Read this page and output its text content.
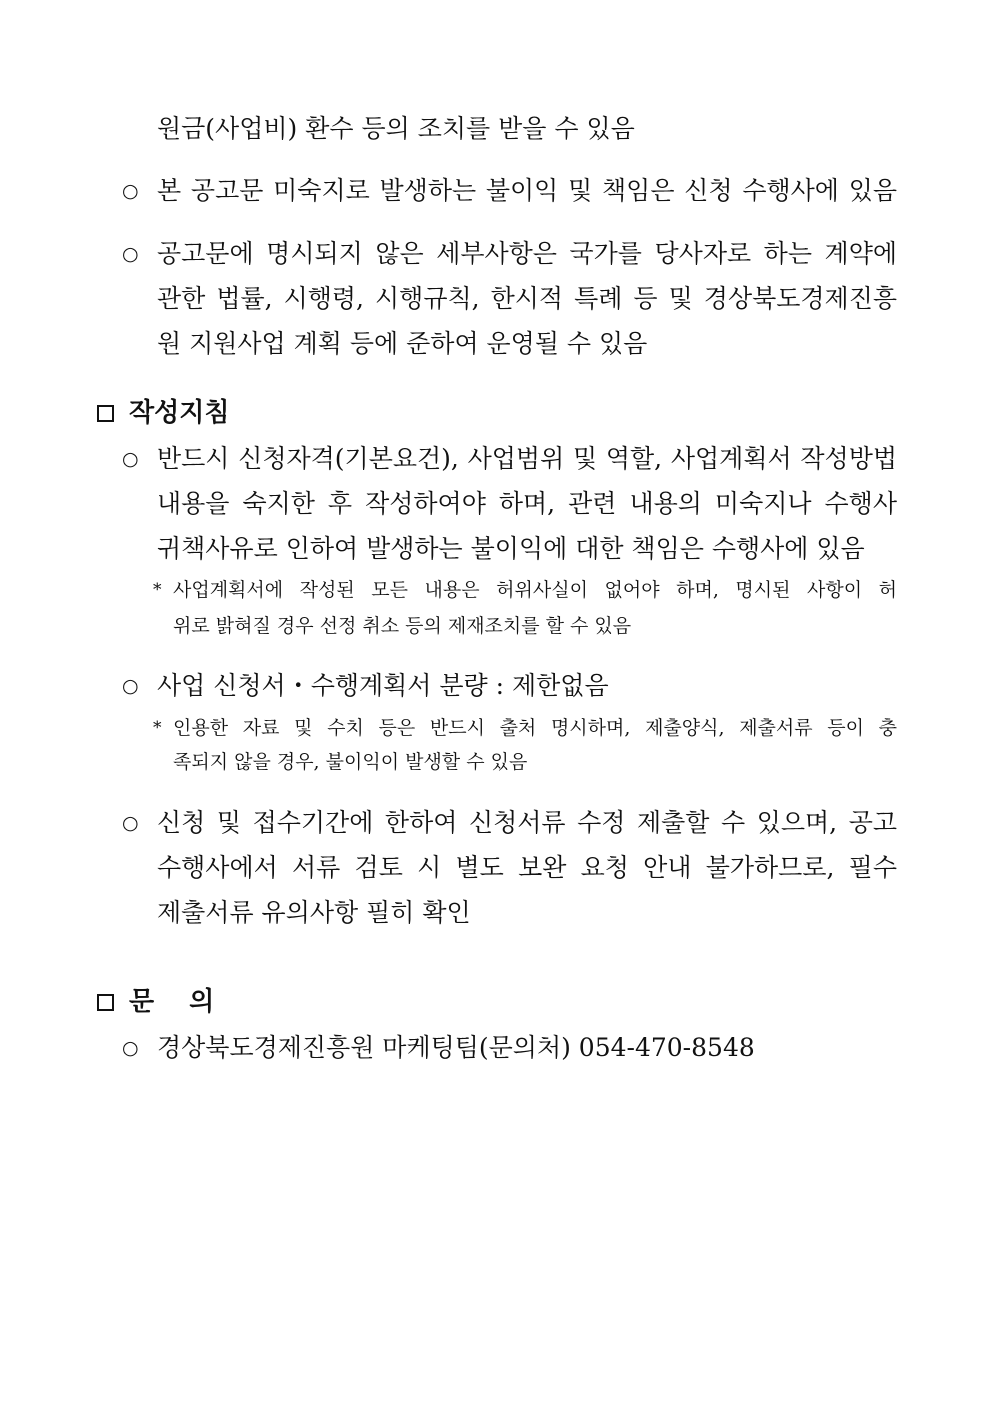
원금(사업비) 환수 등의 조치를 받을 수 있음
○ 본 공고문 미숙지로 발생하는 불이익 및 책임은 신청 수행사에 있음
○ 공고문에 명시되지 않은 세부사항은 국가를 당사자로 하는 계약에
관한 법률, 시행령, 시행규칙, 한시적 특례 등 및 경상북도경제진흥
원 지원사업 계획 등에 준하여 운영될 수 있음
작성지침
○ 반드시 신청자격(기본요건), 사업범위 및 역할, 사업계획서 작성방법
내용을 숙지한 후 작성하여야 하며, 관련 내용의 미숙지나 수행사
귀책사유로 인하여 발생하는 불이익에 대한 책임은 수행사에 있음
* 사업계획서에 작성된 모든 내용은 허위사실이 없어야 하며, 명시된 사항이 허
위로 밝혀질 경우 선정 취소 등의 제재조치를 할 수 있음
○ 사업 신청서・수행계획서 분량 : 제한없음
* 인용한 자료 및 수치 등은 반드시 출처 명시하며, 제출양식, 제출서류 등이 충
족되지 않을 경우, 불이익이 발생할 수 있음
○ 신청 및 접수기간에 한하여 신청서류 수정 제출할 수 있으며, 공고
수행사에서 서류 검토 시 별도 보완 요청 안내 불가하므로, 필수
제출서류 유의사항 필히 확인
문　 의
○ 경상북도경제진흥원 마케팅팀(문의처) 054-470-8548
